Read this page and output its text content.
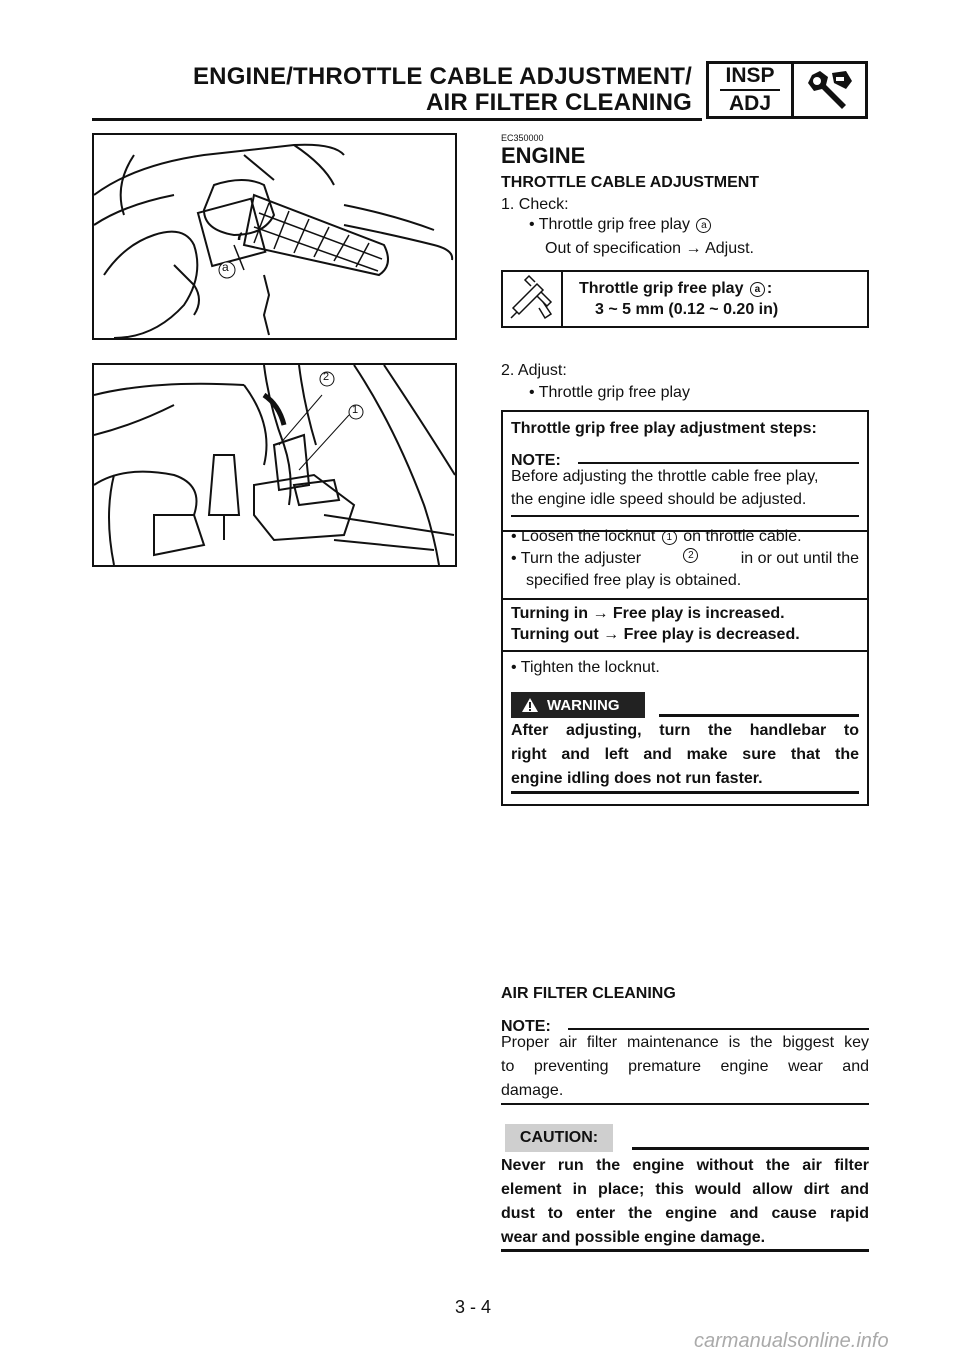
ENGINE/THROTTLE CABLE ADJUSTMENT/
AIR FILTER CLEANING
INSP
ADJ
a
2
1
EC350000
ENGINE
THROTTLE CABLE ADJUSTMENT
1. Check:
• Throttle grip free play a
Out of specification → Adjust.
Throttle grip free play a :
3 ~ 5 mm (0.12 ~ 0.20 in)
2. Adjust:
• Throttle grip free play
Throttle grip free play adjustment steps:
NOTE:
Before adjusting the throttle cable free play,
the engine idle speed should be adjusted.
• Loosen the locknut 1 on throttle cable.
• Turn the adjuster	2	in or out until the
specified free play is obtained.
Turning in → Free play is increased.
Turning out → Free play is decreased.
• Tighten the locknut.
WARNING
After adjusting, turn the handlebar to
right and left and make sure that the
engine idling does not run faster.
AIR FILTER CLEANING
NOTE:
Proper air filter maintenance is the biggest key
to preventing premature engine wear and
damage.
CAUTION:
Never run the engine without the air filter
element in place; this would allow dirt and
dust to enter the engine and cause rapid
wear and possible engine damage.
3 - 4
carmanualsonline.info
